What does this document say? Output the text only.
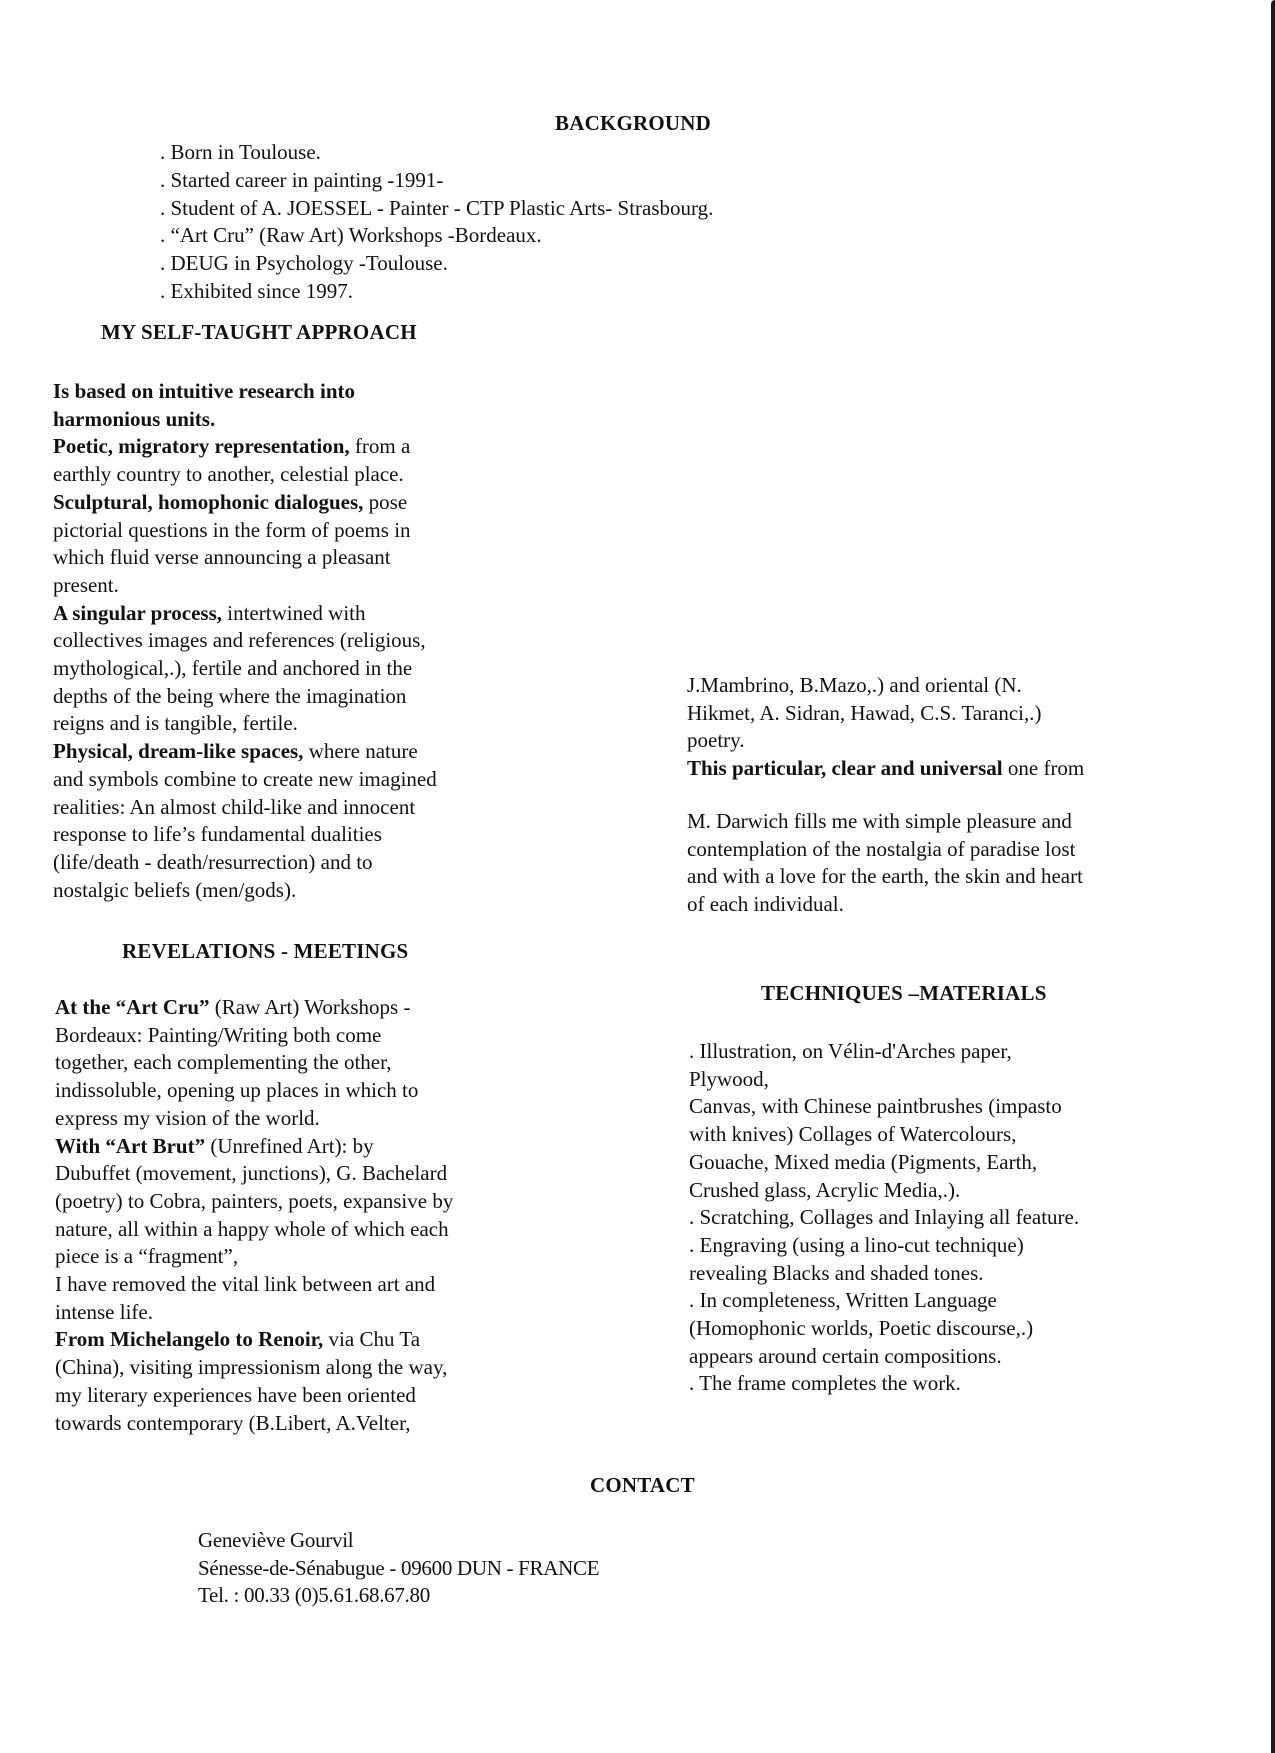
BACKGROUND
. Born in Toulouse.
. Started career in painting -1991-
. Student of A. JOESSEL - Painter - CTP Plastic Arts- Strasbourg.
. “Art Cru” (Raw Art) Workshops -Bordeaux.
. DEUG in Psychology -Toulouse.
. Exhibited since 1997.
MY SELF-TAUGHT APPROACH
Is based on intuitive research into
harmonious units.
Poetic, migratory representation, from a
earthly country to another, celestial place.
Sculptural, homophonic dialogues, pose
pictorial questions in the form of poems in
which fluid verse announcing a pleasant
present.
A singular process, intertwined with
collectives images and references (religious,
mythological,.), fertile and anchored in the
depths of the being where the imagination
reigns and is tangible, fertile.
Physical, dream-like spaces, where nature
and symbols combine to create new imagined
realities: An almost child-like and innocent
response to life’s fundamental dualities
(life/death - death/resurrection) and to
nostalgic beliefs (men/gods).
REVELATIONS - MEETINGS
At the “Art Cru” (Raw Art) Workshops -
Bordeaux: Painting/Writing both come
together, each complementing the other,
indissoluble, opening up places in which to
express my vision of the world.
With “Art Brut” (Unrefined Art): by
Dubuffet (movement, junctions), G. Bachelard
(poetry) to Cobra, painters, poets, expansive by
nature, all within a happy whole of which each
piece is a “fragment”,
I have removed the vital link between art and
intense life.
From Michelangelo to Renoir, via Chu Ta
(China), visiting impressionism along the way,
my literary experiences have been oriented
towards contemporary (B.Libert, A.Velter,
J.Mambrino, B.Mazo,.) and oriental (N.
Hikmet, A. Sidran, Hawad, C.S. Taranci,.)
poetry.
This particular, clear and universal one from
M. Darwich fills me with simple pleasure and
contemplation of the nostalgia of paradise lost
and with a love for the earth, the skin and heart
of each individual.
TECHNIQUES –MATERIALS
. Illustration, on Vélin-d'Arches paper,
Plywood,
Canvas, with Chinese paintbrushes (impasto
with knives) Collages of Watercolours,
Gouache, Mixed media (Pigments, Earth,
Crushed glass, Acrylic Media,.).
. Scratching, Collages and Inlaying all feature.
. Engraving (using a lino-cut technique)
revealing Blacks and shaded tones.
. In completeness, Written Language
(Homophonic worlds, Poetic discourse,.)
appears around certain compositions.
. The frame completes the work.
CONTACT
Geneviève Gourvil
Sénesse-de-Sénabugue - 09600 DUN - FRANCE
Tel. : 00.33 (0)5.61.68.67.80
